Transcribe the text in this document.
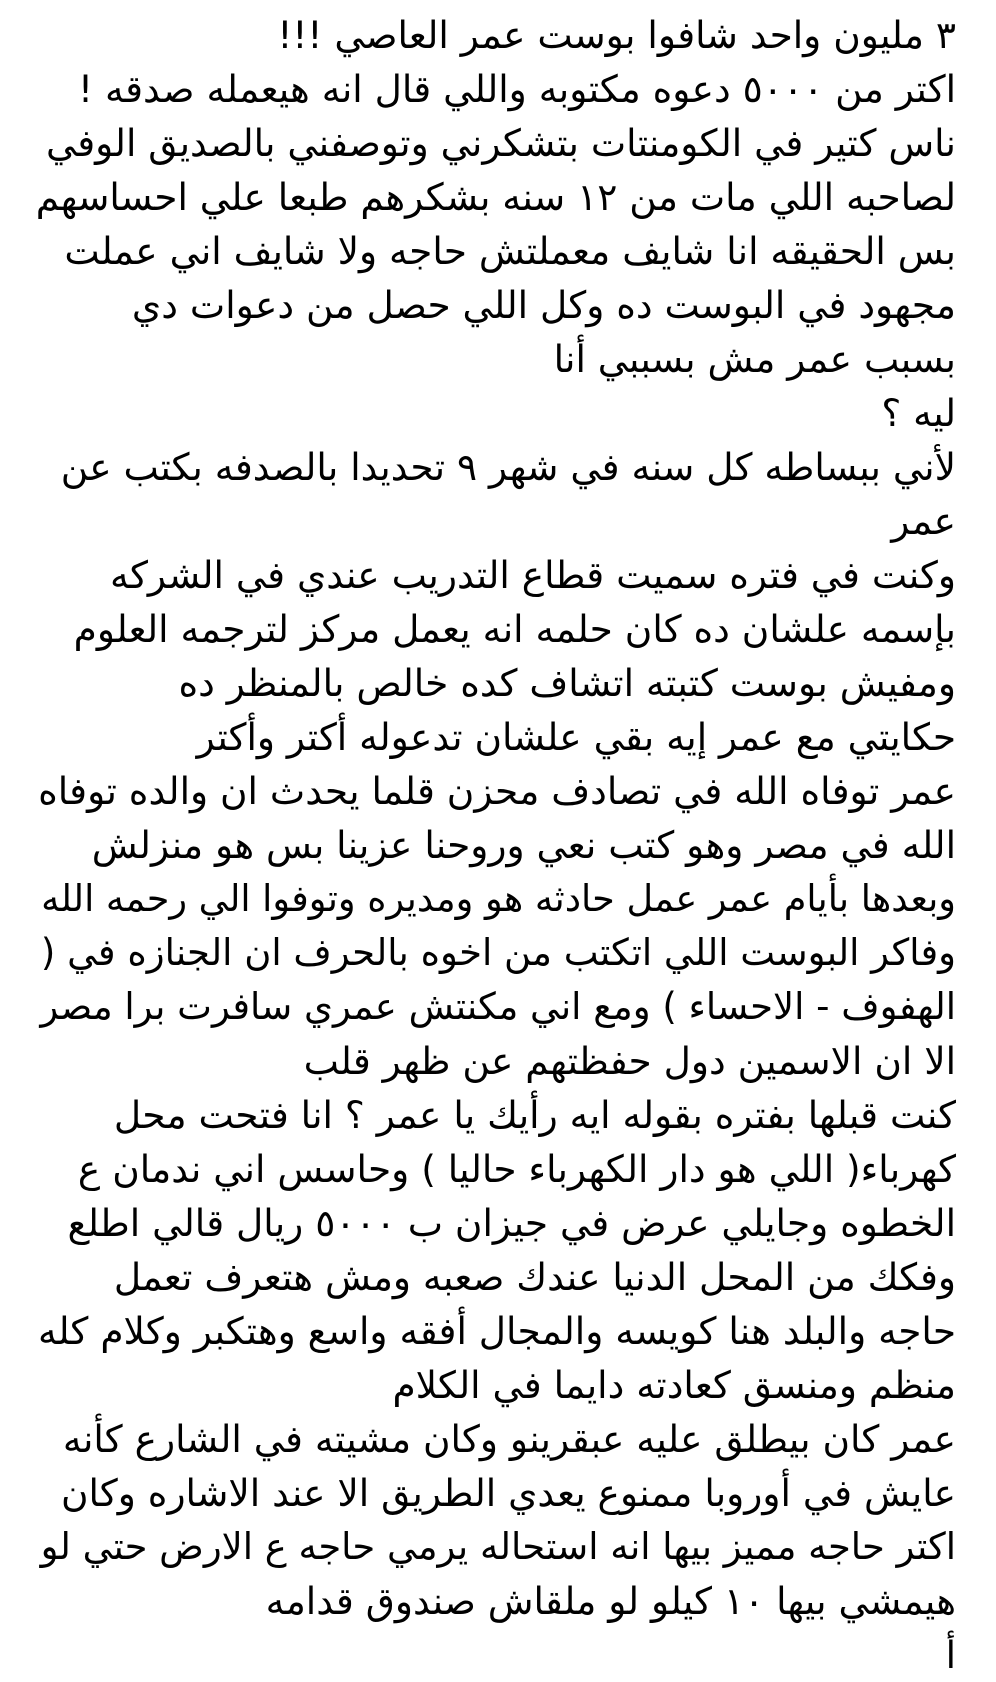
٣ مليون واحد شافوا بوست عمر العاصي !!!

اكتر من ٥٠٠٠ دعوه مكتوبه واللي قال انه هيعمله صدقه !

ناس كتير في الكومنتات بتشكرني وتوصفني بالصديق الوفي

لصاحبه اللي مات من ١٢ سنه بشكرهم طبعا علي احساسهم

بس الحقيقه انا شايف معملتش حاجه ولا شايف اني عملت

مجهود في البوست ده وكل اللي حصل من دعوات دي

بسبب عمر مش بسببي أنا

ليه ؟

لأني ببساطه كل سنه في شهر ٩ تحديدا بالصدفه بكتب عن

عمر

وكنت في فتره سميت قطاع التدريب عندي في الشركه

بإسمه علشان ده كان حلمه انه يعمل مركز لترجمه العلوم

ومفيش بوست كتبته اتشاف كده خالص بالمنظر ده

حكايتي مع عمر إيه بقي علشان تدعوله أكتر وأكتر

عمر توفاه الله في تصادف محزن قلما يحدث ان والده توفاه

الله في مصر وهو كتب نعي وروحنا عزينا بس هو منزلش

وبعدها بأيام عمر عمل حادثه هو ومديره وتوفوا الي رحمه الله

وفاكر البوست اللي اتكتب من اخوه بالحرف ان الجنازه في (

الهفوف - الاحساء ) ومع اني مكنتش عمري سافرت برا مصر

الا ان الاسمين دول حفظتهم عن ظهر قلب

كنت قبلها بفتره بقوله ايه رأيك يا عمر ؟ انا فتحت محل

كهرباء( اللي هو دار الكهرباء حاليا ) وحاسس اني ندمان ع

الخطوه وجايلي عرض في جيزان ب ٥٠٠٠ ريال قالي اطلع

وفكك من المحل الدنيا عندك صعبه ومش هتعرف تعمل

حاجه والبلد هنا كويسه والمجال أفقه واسع وهتكبر وكلام كله

منظم ومنسق كعادته دايما في الكلام

عمر كان بيطلق عليه عبقرينو وكان مشيته في الشارع كأنه

عايش في أوروبا ممنوع يعدي الطريق الا عند الاشاره وكان

اكتر حاجه مميز بيها انه استحاله يرمي حاجه ع الارض حتي لو

هيمشي بيها ١٠ كيلو لو ملقاش صندوق قدامه

أ
